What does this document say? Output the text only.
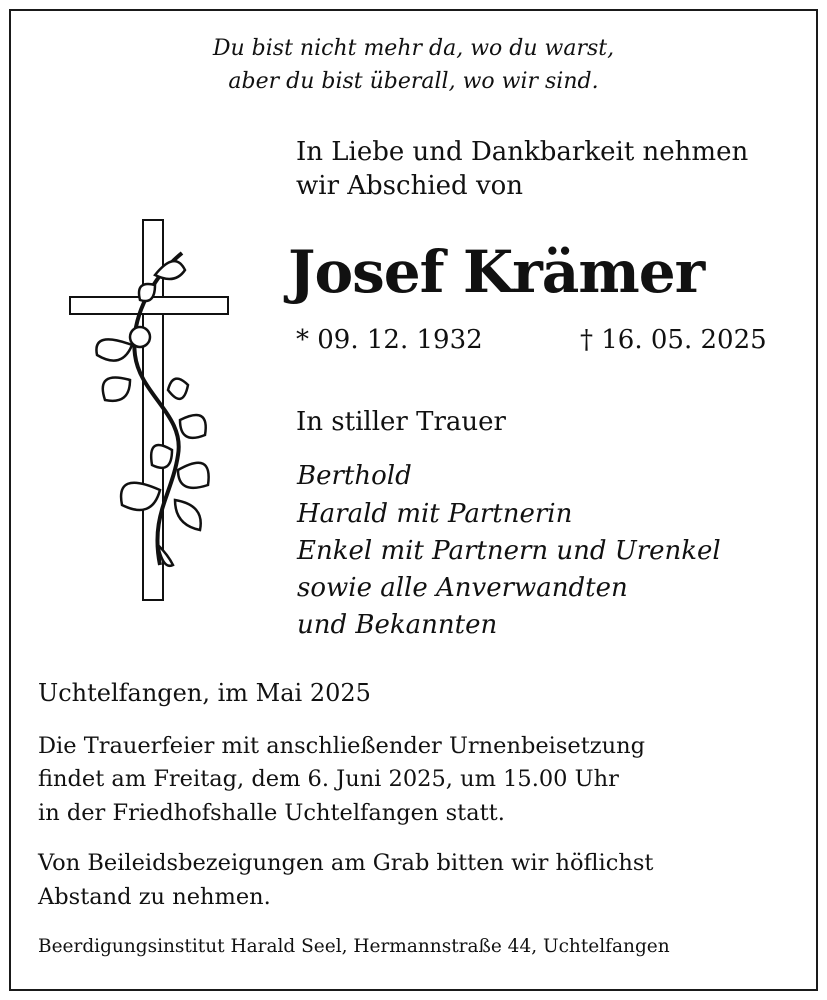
Du bist nicht mehr da, wo du warst,
aber du bist überall, wo wir sind.
In Liebe und Dankbarkeit nehmen
wir Abschied von
Josef Krämer
* 09. 12. 1932	† 16. 05. 2025
In stiller Trauer
Berthold
Harald mit Partnerin
Enkel mit Partnern und Urenkel
sowie alle Anverwandten
und Bekannten
Uchtelfangen, im Mai 2025
Die Trauerfeier mit anschließender Urnenbeisetzung
findet am Freitag, dem 6. Juni 2025, um 15.00 Uhr
in der Friedhofshalle Uchtelfangen statt.
Von Beileidsbezeigungen am Grab bitten wir höflichst
Abstand zu nehmen.
Beerdigungsinstitut Harald Seel, Hermannstraße 44, Uchtelfangen
